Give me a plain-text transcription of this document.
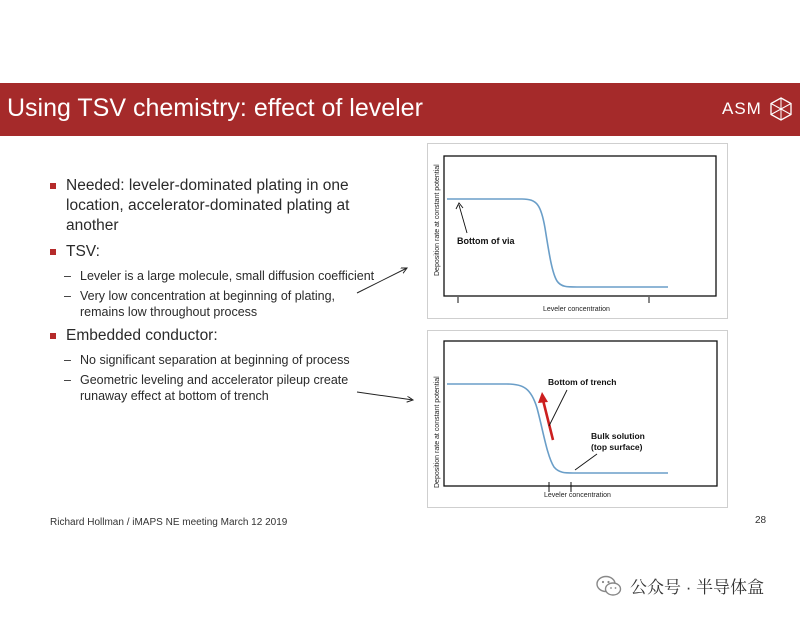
Using TSV chemistry: effect of leveler	ASM
Needed: leveler-dominated plating in one location, accelerator-dominated plating at another
TSV:
– Leveler is a large molecule, small diffusion coefficient
– Very low concentration at beginning of plating, remains low throughout process
Embedded conductor:
– No significant separation at beginning of process
– Geometric leveling and accelerator pileup create runaway effect at bottom of trench
Deposition rate at constant potential
Leveler concentration
Bottom of via
Deposition rate at constant potential
Leveler concentration
Bottom of trench
Bulk solution
(top surface)
Richard Hollman / iMAPS NE meeting March 12 2019	28
公众号 · 半导体盒
